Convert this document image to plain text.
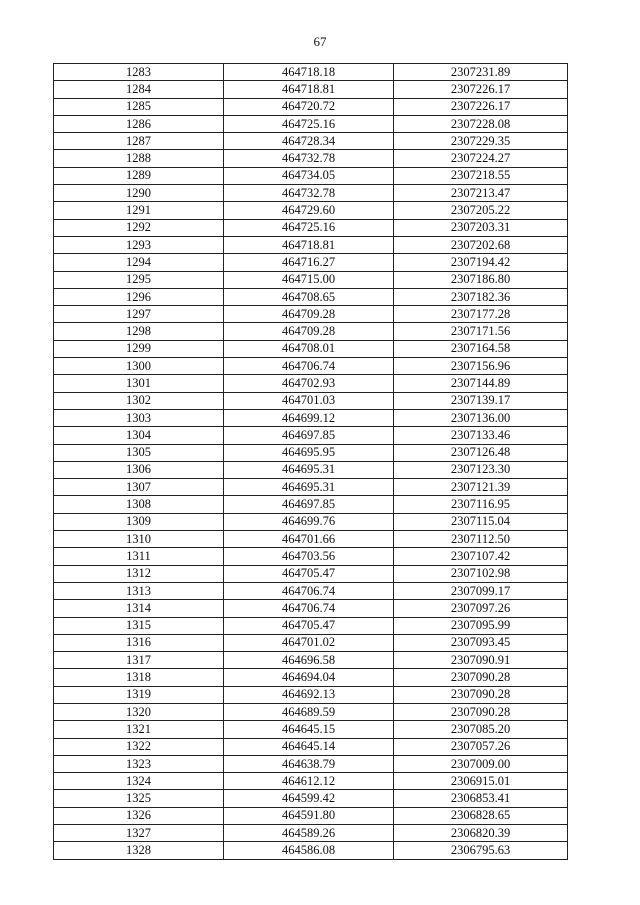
67
1283	464718.18	2307231.89
1284	464718.81	2307226.17
1285	464720.72	2307226.17
1286	464725.16	2307228.08
1287	464728.34	2307229.35
1288	464732.78	2307224.27
1289	464734.05	2307218.55
1290	464732.78	2307213.47
1291	464729.60	2307205.22
1292	464725.16	2307203.31
1293	464718.81	2307202.68
1294	464716.27	2307194.42
1295	464715.00	2307186.80
1296	464708.65	2307182.36
1297	464709.28	2307177.28
1298	464709.28	2307171.56
1299	464708.01	2307164.58
1300	464706.74	2307156.96
1301	464702.93	2307144.89
1302	464701.03	2307139.17
1303	464699.12	2307136.00
1304	464697.85	2307133.46
1305	464695.95	2307126.48
1306	464695.31	2307123.30
1307	464695.31	2307121.39
1308	464697.85	2307116.95
1309	464699.76	2307115.04
1310	464701.66	2307112.50
1311	464703.56	2307107.42
1312	464705.47	2307102.98
1313	464706.74	2307099.17
1314	464706.74	2307097.26
1315	464705.47	2307095.99
1316	464701.02	2307093.45
1317	464696.58	2307090.91
1318	464694.04	2307090.28
1319	464692.13	2307090.28
1320	464689.59	2307090.28
1321	464645.15	2307085.20
1322	464645.14	2307057.26
1323	464638.79	2307009.00
1324	464612.12	2306915.01
1325	464599.42	2306853.41
1326	464591.80	2306828.65
1327	464589.26	2306820.39
1328	464586.08	2306795.63
